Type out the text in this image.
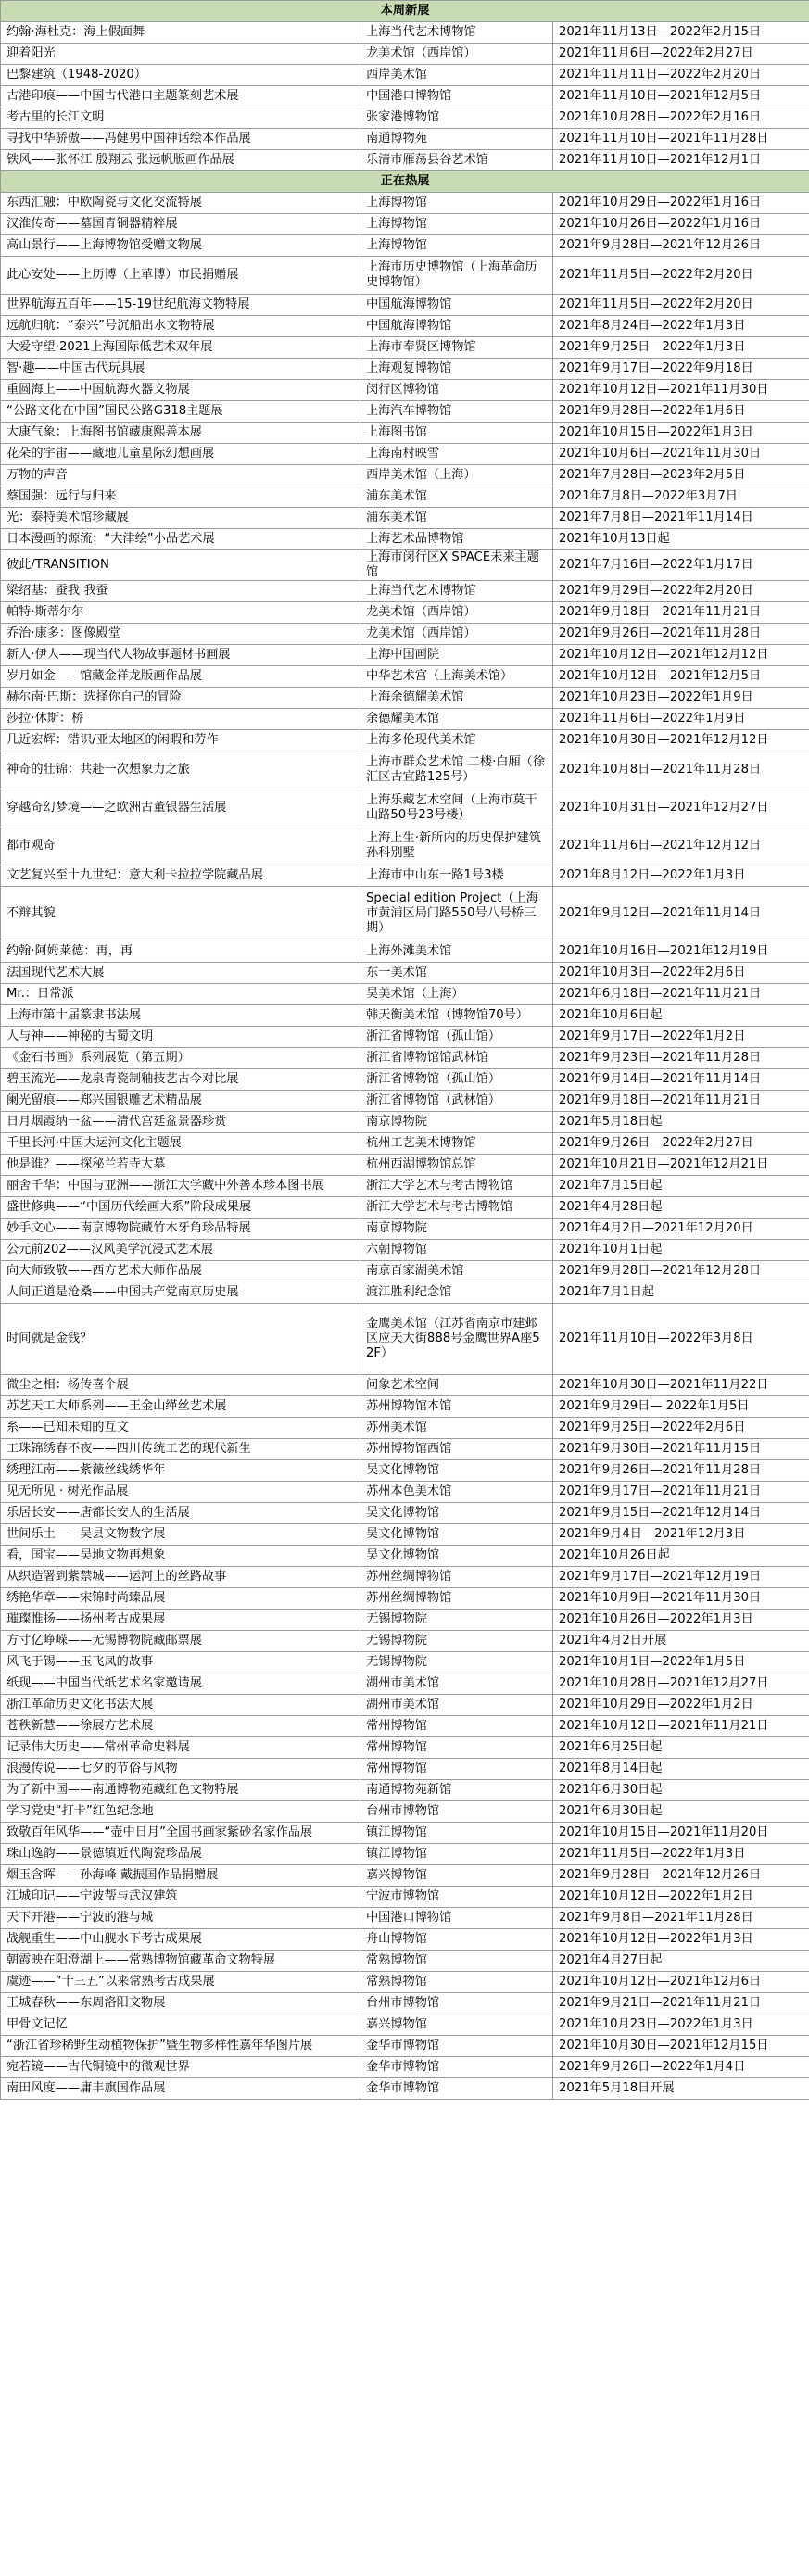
本周新展		
约翰·海杜克：海上假面舞	上海当代艺术博物馆	2021年11月13日—2022年2月15日
迎着阳光	龙美术馆（西岸馆）	2021年11月6日—2022年2月27日
巴黎建筑（1948-2020）	西岸美术馆	2021年11月11日—2022年2月20日
古港印痕——中国古代港口主题篆刻艺术展	中国港口博物馆	2021年11月10日—2021年12月5日
考古里的长江文明	张家港博物馆	2021年10月28日—2022年2月16日
寻找中华骄傲——冯健男中国神话绘本作品展	南通博物苑	2021年11月10日—2021年11月28日
铁风——张怀江 殷翔云 张远帆版画作品展	乐清市雁荡县谷艺术馆	2021年11月10日—2021年12月1日
正在热展		
东西汇融：中欧陶瓷与文化交流特展	上海博物馆	2021年10月29日—2022年1月16日
汉淮传奇——墓国青铜器精粹展	上海博物馆	2021年10月26日—2022年1月16日
高山景行——上海博物馆受赠文物展	上海博物馆	2021年9月28日—2021年12月26日
此心安处——上历博（上革博）市民捐赠展	上海市历史博物馆（上海革命历史博物馆）	2021年11月5日—2022年2月20日
世界航海五百年——15-19世纪航海文物特展	中国航海博物馆	2021年11月5日—2022年2月20日
远航归航：“泰兴”号沉船出水文物特展	中国航海博物馆	2021年8月24日—2022年1月3日
大爱守望·2021上海国际低艺术双年展	上海市奉贤区博物馆	2021年9月25日—2022年1月3日
智·趣——中国古代玩具展	上海观复博物馆	2021年9月17日—2022年9月18日
重圆海上——中国航海火器文物展	闵行区博物馆	2021年10月12日—2021年11月30日
“公路文化在中国”国民公路G318主题展	上海汽车博物馆	2021年9月28日—2022年1月6日
大康气象：上海图书馆藏康熙善本展	上海图书馆	2021年10月15日—2022年1月3日
花朵的宇宙——藏地儿童星际幻想画展	上海南村映雪	2021年10月6日—2021年11月30日
万物的声音	西岸美术馆（上海）	2021年7月28日—2023年2月5日
蔡国强：远行与归来	浦东美术馆	2021年7月8日—2022年3月7日
光：泰特美术馆珍藏展	浦东美术馆	2021年7月8日—2021年11月14日
日本漫画的源流：“大津绘”小品艺术展	上海艺术品博物馆	2021年10月13日起
彼此/TRANSITION	上海市闵行区X SPACE未来主题馆	2021年7月16日—2022年1月17日
梁绍基：蚕我 我蚕	上海当代艺术博物馆	2021年9月29日—2022年2月20日
帕特·斯蒂尔尔	龙美术馆（西岸馆）	2021年9月18日—2021年11月21日
乔治·康多：图像殿堂	龙美术馆（西岸馆）	2021年9月26日—2021年11月28日
新人·伊人——现当代人物故事题材书画展	上海中国画院	2021年10月12日—2021年12月12日
岁月如金——馆藏金祥龙版画作品展	中华艺术宫（上海美术馆）	2021年10月12日—2021年12月5日
赫尔南·巴斯：选择你自己的冒险	上海余德耀美术馆	2021年10月23日—2022年1月9日
莎拉·休斯：桥	余德耀美术馆	2021年11月6日—2022年1月9日
几近宏辉：错识/亚太地区的闲暇和劳作	上海多伦现代美术馆	2021年10月30日—2021年12月12日
神奇的壮锦：共赴一次想象力之旅	上海市群众艺术馆 二楼·白厢（徐汇区古宜路125号）	2021年10月8日—2021年11月28日
穿越奇幻梦境——之欧洲古董银器生活展	上海乐藏艺术空间（上海市莫干山路50号23号楼）	2021年10月31日—2021年12月27日
都市观奇	上海上生·新所内的历史保护建筑孙科别墅	2021年11月6日—2021年12月12日
文艺复兴至十九世纪：意大利卡拉拉学院藏品展	上海市中山东一路1号3楼	2021年8月12日—2022年1月3日
不辩其貌	Special edition Project（上海市黄浦区局门路550号八号桥三期）	2021年9月12日—2021年11月14日
约翰·阿姆莱德：再，再	上海外滩美术馆	2021年10月16日—2021年12月19日
法国现代艺术大展	东一美术馆	2021年10月3日—2022年2月6日
Mr.：日常派	昊美术馆（上海）	2021年6月18日—2021年11月21日
上海市第十届篆隶书法展	韩天衡美术馆（博物馆70号）	2021年10月6日起
人与神——神秘的古蜀文明	浙江省博物馆（孤山馆）	2021年9月17日—2022年1月2日
《金石书画》系列展览（第五期）	浙江省博物馆馆武林馆	2021年9月23日—2021年11月28日
碧玉流光——龙泉青瓷制釉技艺古今对比展	浙江省博物馆（孤山馆）	2021年9月14日—2021年11月14日
阑光留痕——郑兴国银雕艺术精品展	浙江省博物馆（武林馆）	2021年9月18日—2021年11月21日
日月烟霞纳一盆——清代宫廷盆景器珍赏	南京博物院	2021年5月18日起
千里长河·中国大运河文化主题展	杭州工艺美术博物馆	2021年9月26日—2022年2月27日
他是谁？——探秘兰若寺大墓	杭州西湖博物馆总馆	2021年10月21日—2021年12月21日
丽舍千华：中国与亚洲——浙江大学藏中外善本珍本图书展	浙江大学艺术与考古博物馆	2021年7月15日起
盛世修典——“中国历代绘画大系”阶段成果展	浙江大学艺术与考古博物馆	2021年4月28日起
妙手文心——南京博物院藏竹木牙角珍品特展	南京博物院	2021年4月2日—2021年12月20日
公元前202——汉风美学沉浸式艺术展	六朝博物馆	2021年10月1日起
向大师致敬——西方艺术大师作品展	南京百家湖美术馆	2021年9月28日—2021年12月28日
人间正道是沧桑——中国共产党南京历史展	渡江胜利纪念馆	2021年7月1日起
时间就是金钱？	金鹰美术馆（江苏省南京市建邺区应天大街888号金鹰世界A座52F）	2021年11月10日—2022年3月8日
微尘之相：杨传喜个展	问象艺术空间	2021年10月30日—2021年11月22日
苏艺天工大师系列——王金山缂丝艺术展	苏州博物馆本馆	2021年9月29日— 2022年1月5日
糸——已知未知的互文	苏州美术馆	2021年9月25日—2022年2月6日
工珠锦绣春不夜——四川传统工艺的现代新生	苏州博物馆西馆	2021年9月30日—2021年11月15日
绣理江南——紫薇丝线绣华年	吴文化博物馆	2021年9月26日—2021年11月28日
见无所见 · 树光作品展	苏州本色美术馆	2021年9月17日—2021年11月21日
乐居长安——唐都长安人的生活展	吴文化博物馆	2021年9月15日—2021年12月14日
世间乐土——吴县文物数字展	吴文化博物馆	2021年9月4日—2021年12月3日
看，国宝——吴地文物再想象	吴文化博物馆	2021年10月26日起
从织造署到紫禁城——运河上的丝路故事	苏州丝绸博物馆	2021年9月17日—2021年12月19日
绣艳华章——宋锦时尚臻品展	苏州丝绸博物馆	2021年10月9日—2021年11月30日
璀璨惟扬——扬州考古成果展	无锡博物院	2021年10月26日—2022年1月3日
方寸亿峥嵘——无锡博物院藏邮票展	无锡博物院	2021年4月2日开展
风飞于锡——玉飞凤的故事	无锡博物院	2021年10月1日—2022年1月5日
纸现——中国当代纸艺术名家邀请展	湖州市美术馆	2021年10月28日—2021年12月27日
浙江革命历史文化书法大展	湖州市美术馆	2021年10月29日—2022年1月2日
苍秩新慧——徐展方艺术展	常州博物馆	2021年10月12日—2021年11月21日
记录伟大历史——常州革命史料展	常州博物馆	2021年6月25日起
浪漫传说——七夕的节俗与风物	常州博物馆	2021年8月14日起
为了新中国——南通博物苑藏红色文物特展	南通博物苑新馆	2021年6月30日起
学习党史“打卡”红色纪念地	台州市博物馆	2021年6月30日起
致敬百年风华——“壶中日月”全国书画家紫砂名家作品展	镇江博物馆	2021年10月15日—2021年11月20日
珠山逸韵——景德镇近代陶瓷珍品展	镇江博物馆	2021年11月5日—2022年1月3日
烟玉含晖——孙海峰 戴振国作品捐赠展	嘉兴博物馆	2021年9月28日—2021年12月26日
江城印记——宁波帮与武汉建筑	宁波市博物馆	2021年10月12日—2022年1月2日
天下开港——宁波的港与城	中国港口博物馆	2021年9月8日—2021年11月28日
战舰重生——中山舰水下考古成果展	舟山博物馆	2021年10月12日—2022年1月3日
朝霞映在阳澄湖上——常熟博物馆藏革命文物特展	常熟博物馆	2021年4月27日起
虞迹——“十三五”以来常熟考古成果展	常熟博物馆	2021年10月12日—2021年12月6日
王城春秋——东周洛阳文物展	台州市博物馆	2021年9月21日—2021年11月21日
甲骨文记忆	嘉兴博物馆	2021年10月23日—2022年1月3日
“浙江省珍稀野生动植物保护”暨生物多样性嘉年华图片展	金华市博物馆	2021年10月30日—2021年12月15日
宛若镜——古代铜镜中的微观世界	金华市博物馆	2021年9月26日—2022年1月4日
南田风度——庸丰旗国作品展	金华市博物馆	2021年5月18日开展
